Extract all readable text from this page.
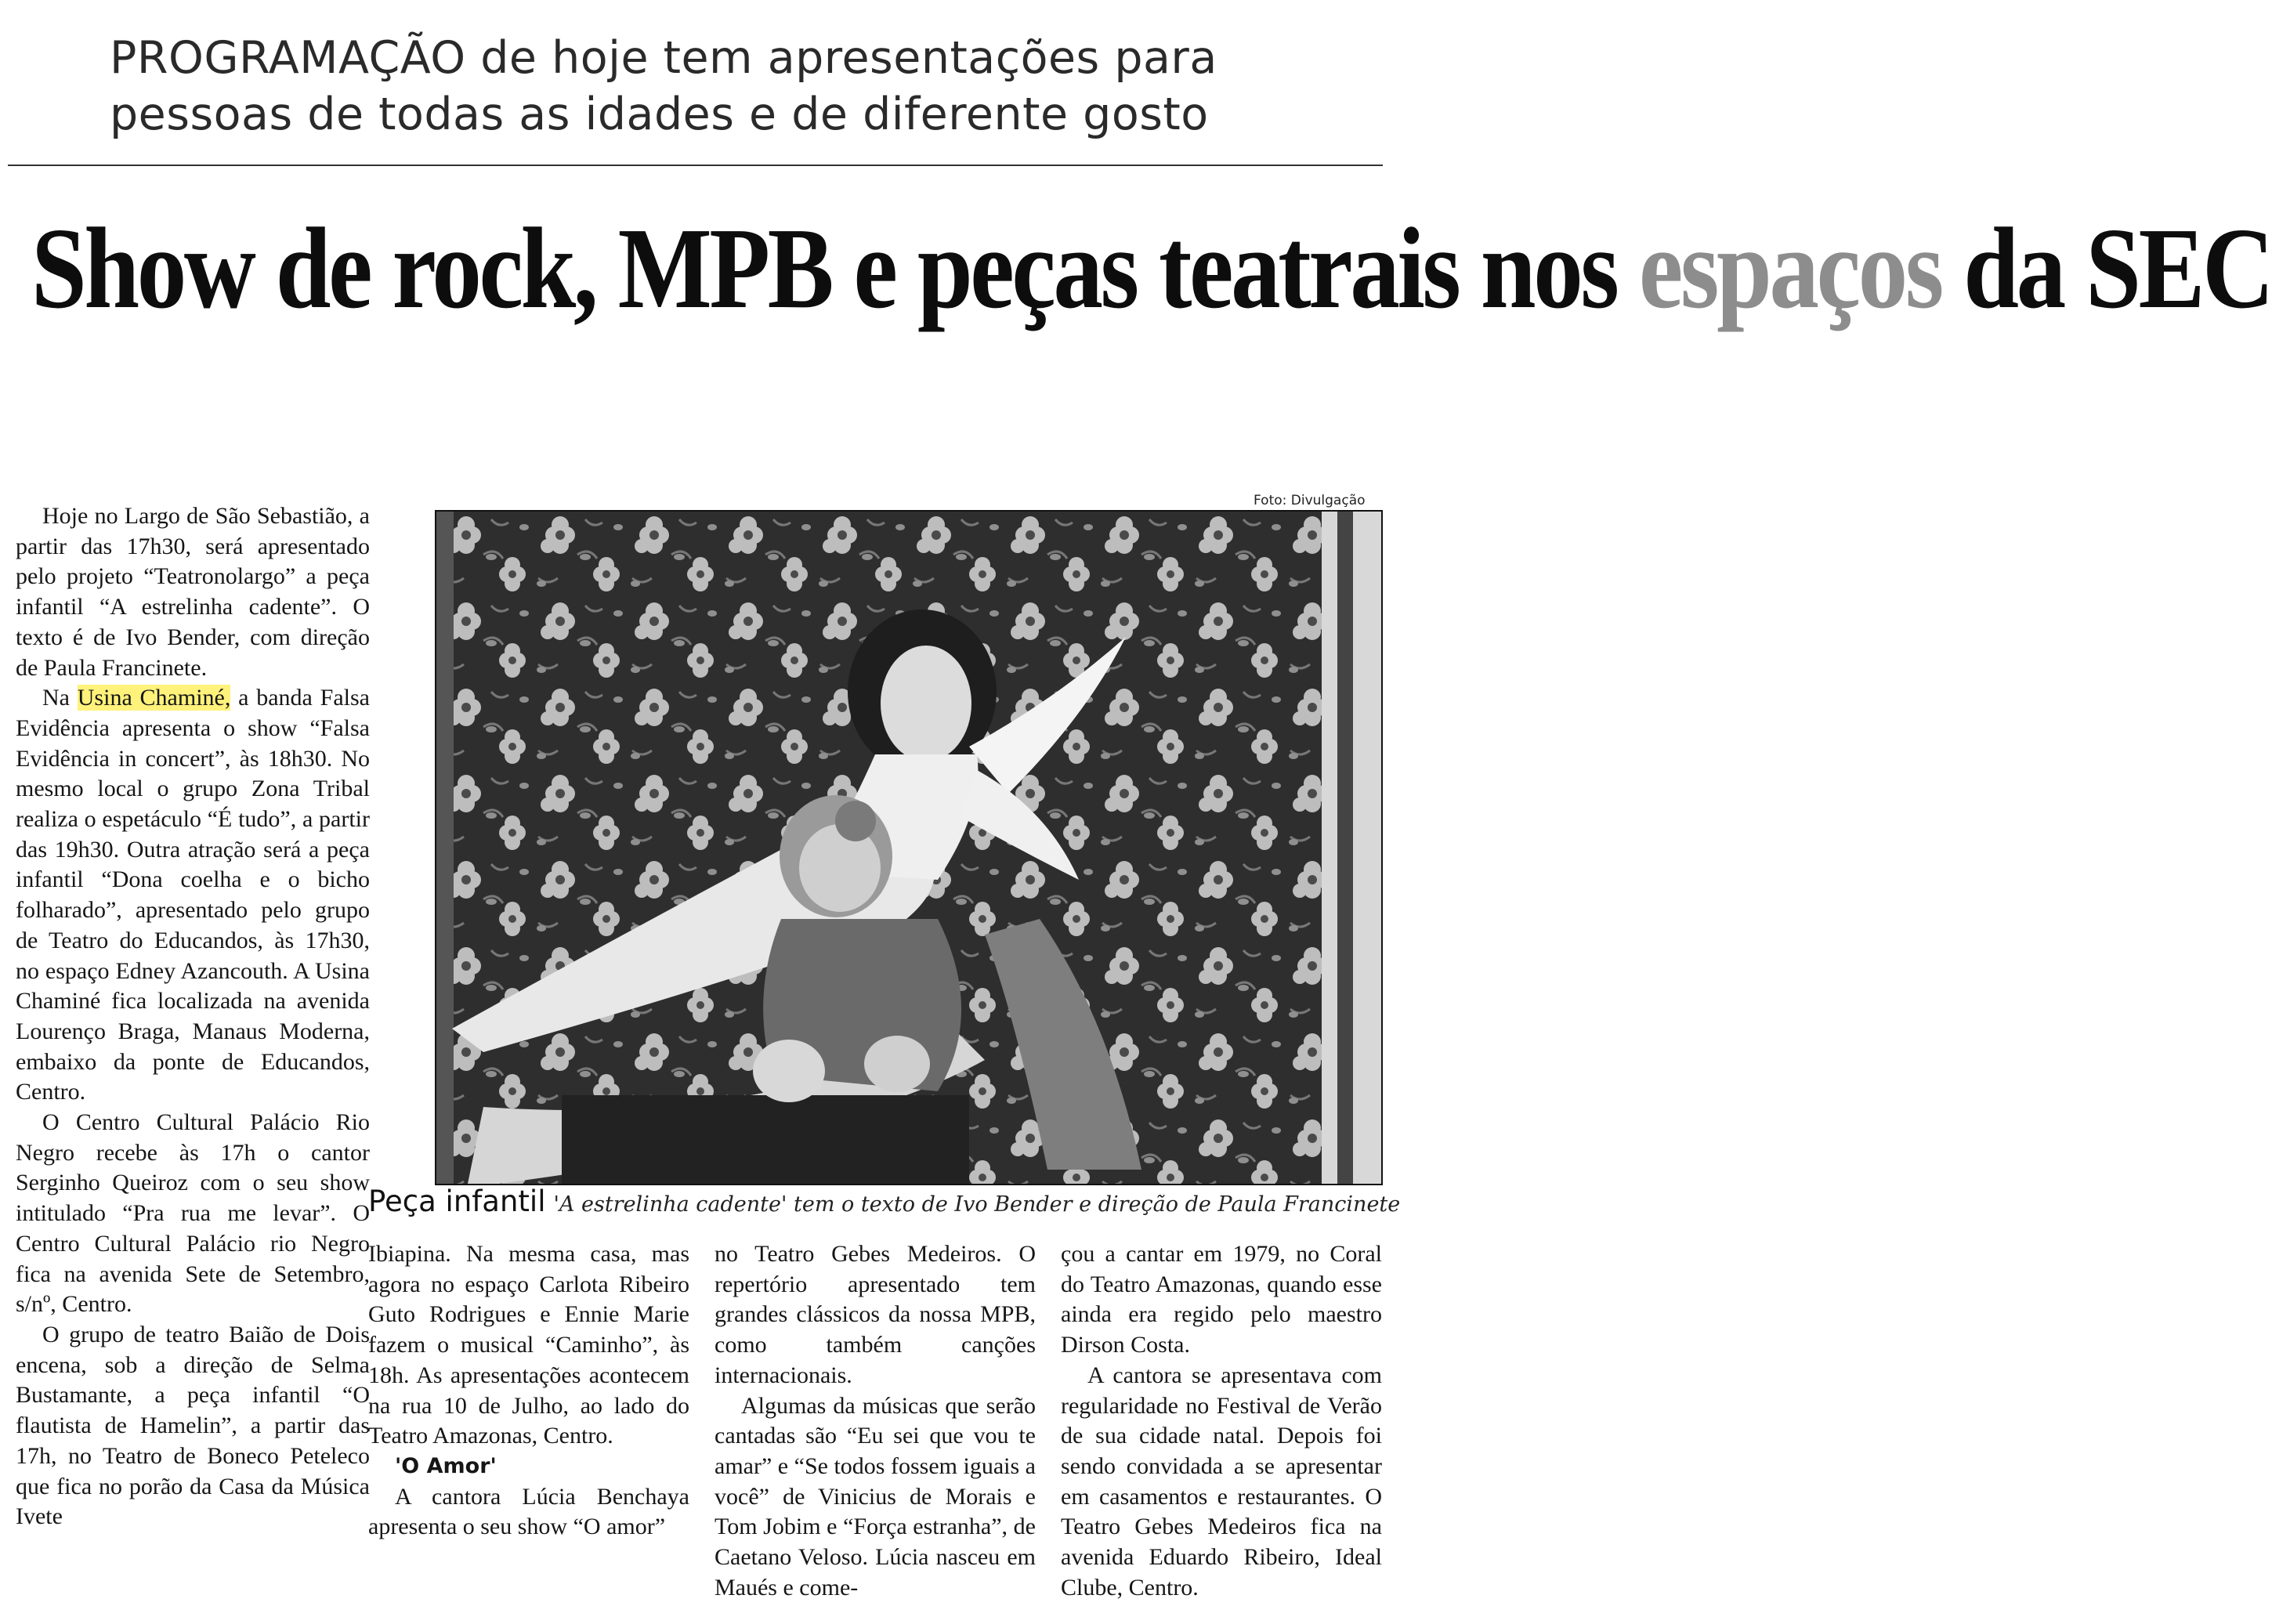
PROGRAMAÇÃO de hoje tem apresentações para pessoas de todas as idades e de diferente gosto
Show de rock, MPB e peças teatrais nos espaços da SEC
Foto: Divulgação
Peça infantil 'A estrelinha cadente' tem o texto de Ivo Bender e direção de Paula Francinete

Hoje no Largo de São Sebastião, a partir das 17h30, será apresentado pelo projeto “Teatronolargo” a peça infantil “A estrelinha cadente”. O texto é de Ivo Bender, com direção de Paula Francinete.

Na Usina Chaminé, a banda Falsa Evidência apresenta o show “Falsa Evidência in concert”, às 18h30. No mesmo local o grupo Zona Tribal realiza o espetáculo “É tudo”, a partir das 19h30. Outra atração será a peça infantil “Dona coelha e o bicho folharado”, apresentado pelo grupo de Teatro do Educandos, às 17h30, no espaço Edney Azancouth. A Usina Chaminé fica localizada na avenida Lourenço Braga, Manaus Moderna, embaixo da ponte de Educandos, Centro.

O Centro Cultural Palácio Rio Negro recebe às 17h o cantor Serginho Queiroz com o seu show intitulado “Pra rua me levar”. O Centro Cultural Palácio rio Negro fica na avenida Sete de Setembro, s/nº, Centro.

O grupo de teatro Baião de Dois encena, sob a direção de Selma Bustamante, a peça infantil “O flautista de Hamelin”, a partir das 17h, no Teatro de Boneco Peteleco que fica no porão da Casa da Música Ivete

Ibiapina. Na mesma casa, mas agora no espaço Carlota Ribeiro Guto Rodrigues e Ennie Marie fazem o musical “Caminho”, às 18h. As apresentações acontecem na rua 10 de Julho, ao lado do Teatro Amazonas, Centro.

'O Amor'

A cantora Lúcia Benchaya apresenta o seu show “O amor”

no Teatro Gebes Medeiros. O repertório apresentado tem grandes clássicos da nossa MPB, como também canções internacionais.

Algumas da músicas que serão cantadas são “Eu sei que vou te amar” e “Se todos fossem iguais a você” de Vinicius de Morais e Tom Jobim e “Força estranha”, de Caetano Veloso. Lúcia nasceu em Maués e come-

çou a cantar em 1979, no Coral do Teatro Amazonas, quando esse ainda era regido pelo maestro Dirson Costa.

A cantora se apresentava com regularidade no Festival de Verão de sua cidade natal. Depois foi sendo convidada a se apresentar em casamentos e restaurantes. O Teatro Gebes Medeiros fica na avenida Eduardo Ribeiro, Ideal Clube, Centro.
